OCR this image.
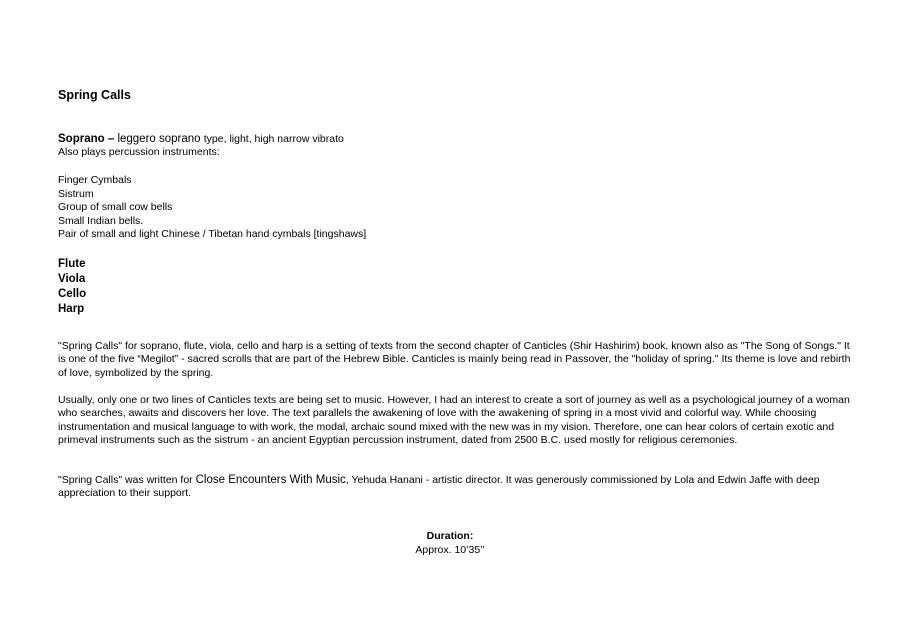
Spring Calls
Soprano – leggero soprano type, light, high narrow vibrato
Also plays percussion instruments:
Finger Cymbals
Sistrum
Group of small cow bells
Small Indian bells.
Pair of small and light Chinese / Tibetan hand cymbals [tingshaws]
Flute
Viola
Cello
Harp
"Spring Calls" for soprano, flute, viola, cello and harp is a setting of texts from the second chapter of Canticles (Shir Hashirim) book, known also as "The Song of Songs." It is one of the five “Megilot” - sacred scrolls that are part of the Hebrew Bible. Canticles is mainly being read in Passover, the "holiday of spring." Its theme is love and rebirth of love, symbolized by the spring.
Usually, only one or two lines of Canticles texts are being set to music. However, I had an interest to create a sort of journey as well as a psychological journey of a woman who searches, awaits and discovers her love. The text parallels the awakening of love with the awakening of spring in a most vivid and colorful way. While choosing instrumentation and musical language to with work, the modal, archaic sound mixed with the new was in my vision. Therefore, one can hear colors of certain exotic and primeval instruments such as the sistrum - an ancient Egyptian percussion instrument, dated from 2500 B.C. used mostly for religious ceremonies.
"Spring Calls" was written for Close Encounters With Music, Yehuda Hanani - artistic director. It was generously commissioned by Lola and Edwin Jaffe with deep appreciation to their support.
Duration:
Approx. 10’35’’
